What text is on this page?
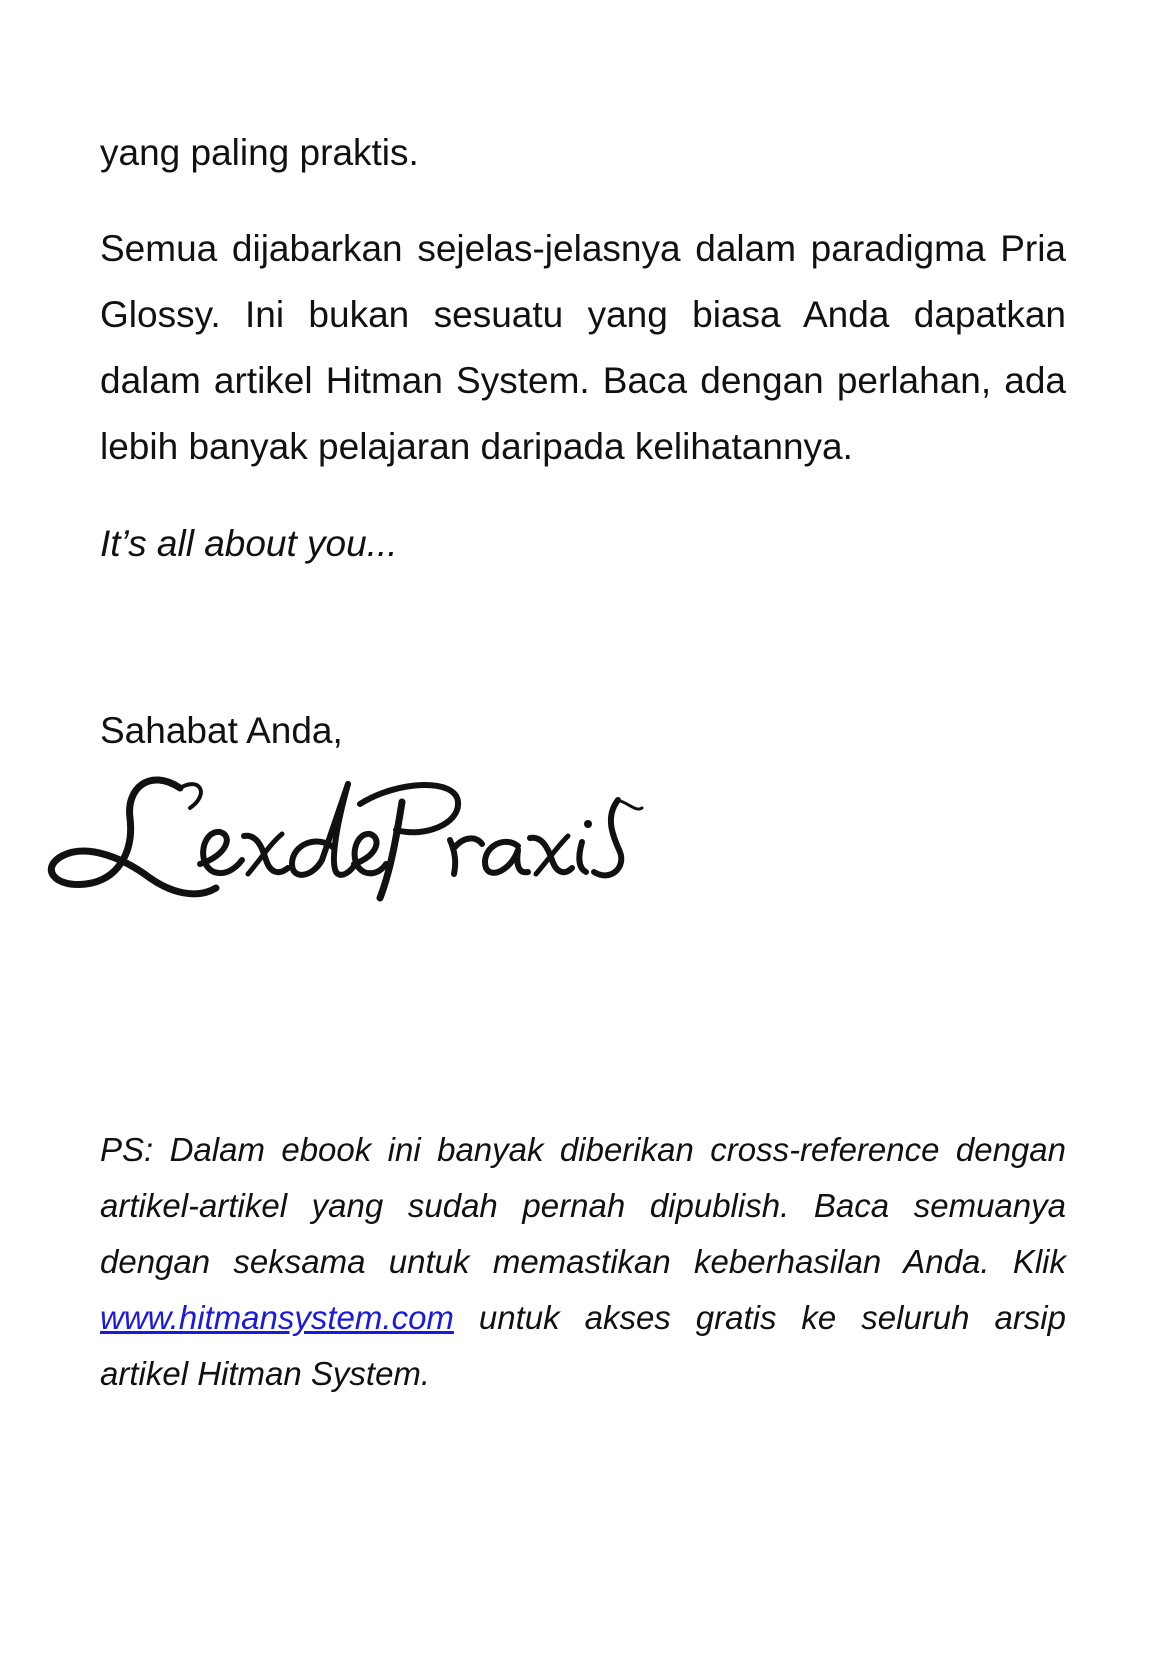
yang paling praktis.

Semua dijabarkan sejelas-jelasnya dalam paradigma Pria Glossy. Ini bukan sesuatu yang biasa Anda dapatkan dalam artikel Hitman System. Baca dengan perlahan, ada lebih banyak pelajaran daripada kelihatannya.

It’s all about you...

Sahabat Anda,

PS: Dalam ebook ini banyak diberikan cross-reference dengan artikel-artikel yang sudah pernah dipublish. Baca semuanya dengan seksama untuk memastikan keberhasilan Anda. Klik www.hitmansystem.com untuk akses gratis ke seluruh arsip artikel Hitman System.
